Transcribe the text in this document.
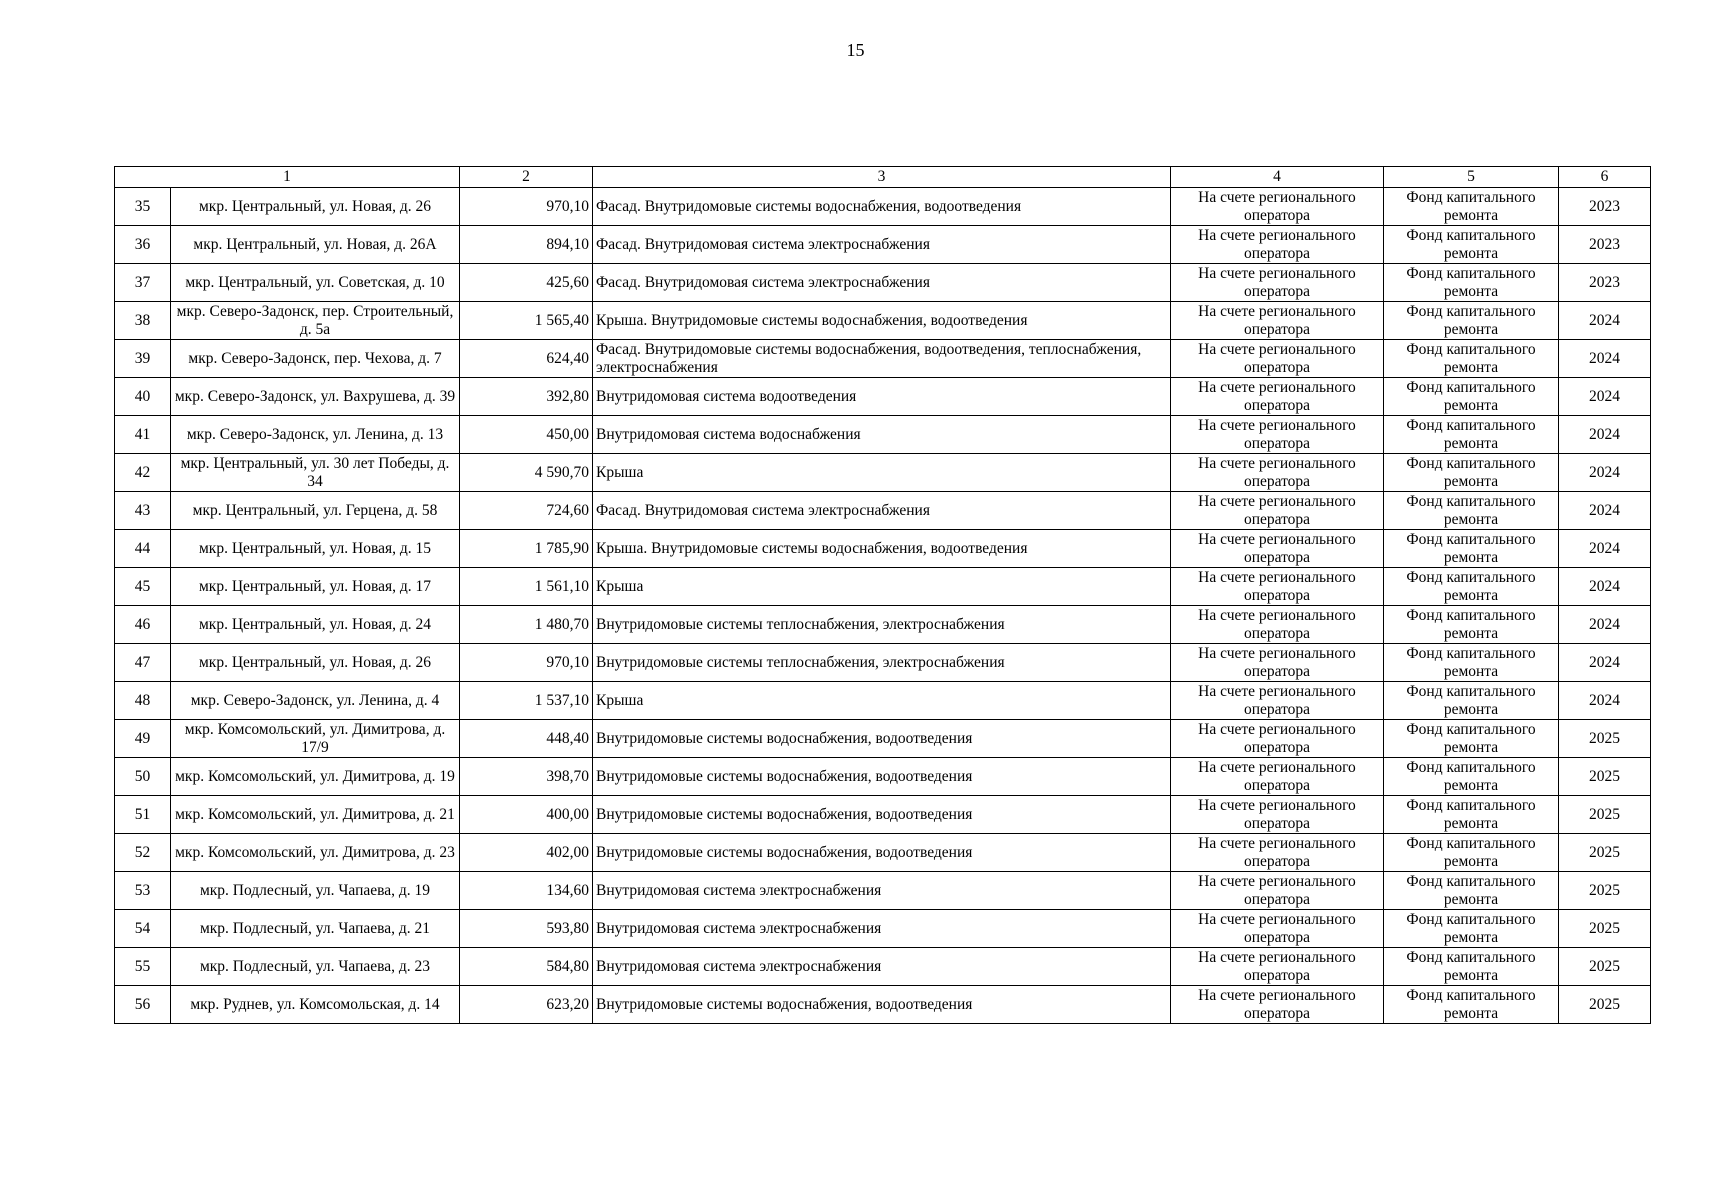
15
1		2	3	4	5	6
35	мкр. Центральный, ул. Новая, д. 26	970,10	Фасад. Внутридомовые системы водоснабжения, водоотведения	На счете регионального оператора	Фонд капитального ремонта	2023
36	мкр. Центральный, ул. Новая, д. 26А	894,10	Фасад. Внутридомовая система электроснабжения	На счете регионального оператора	Фонд капитального ремонта	2023
37	мкр. Центральный, ул. Советская, д. 10	425,60	Фасад. Внутридомовая система электроснабжения	На счете регионального оператора	Фонд капитального ремонта	2023
38	мкр. Северо-Задонск, пер. Строительный, д. 5а	1 565,40	Крыша. Внутридомовые системы водоснабжения, водоотведения	На счете регионального оператора	Фонд капитального ремонта	2024
39	мкр. Северо-Задонск, пер. Чехова, д. 7	624,40	Фасад. Внутридомовые системы водоснабжения, водоотведения, теплоснабжения, электроснабжения	На счете регионального оператора	Фонд капитального ремонта	2024
40	мкр. Северо-Задонск, ул. Вахрушева, д. 39	392,80	Внутридомовая система водоотведения	На счете регионального оператора	Фонд капитального ремонта	2024
41	мкр. Северо-Задонск, ул. Ленина, д. 13	450,00	Внутридомовая система водоснабжения	На счете регионального оператора	Фонд капитального ремонта	2024
42	мкр. Центральный, ул. 30 лет Победы, д. 34	4 590,70	Крыша	На счете регионального оператора	Фонд капитального ремонта	2024
43	мкр. Центральный, ул. Герцена, д. 58	724,60	Фасад. Внутридомовая система электроснабжения	На счете регионального оператора	Фонд капитального ремонта	2024
44	мкр. Центральный, ул. Новая, д. 15	1 785,90	Крыша. Внутридомовые системы водоснабжения, водоотведения	На счете регионального оператора	Фонд капитального ремонта	2024
45	мкр. Центральный, ул. Новая, д. 17	1 561,10	Крыша	На счете регионального оператора	Фонд капитального ремонта	2024
46	мкр. Центральный, ул. Новая, д. 24	1 480,70	Внутридомовые системы теплоснабжения, электроснабжения	На счете регионального оператора	Фонд капитального ремонта	2024
47	мкр. Центральный, ул. Новая, д. 26	970,10	Внутридомовые системы теплоснабжения, электроснабжения	На счете регионального оператора	Фонд капитального ремонта	2024
48	мкр. Северо-Задонск, ул. Ленина, д. 4	1 537,10	Крыша	На счете регионального оператора	Фонд капитального ремонта	2024
49	мкр. Комсомольский, ул. Димитрова, д. 17/9	448,40	Внутридомовые системы водоснабжения, водоотведения	На счете регионального оператора	Фонд капитального ремонта	2025
50	мкр. Комсомольский, ул. Димитрова, д. 19	398,70	Внутридомовые системы водоснабжения, водоотведения	На счете регионального оператора	Фонд капитального ремонта	2025
51	мкр. Комсомольский, ул. Димитрова, д. 21	400,00	Внутридомовые системы водоснабжения, водоотведения	На счете регионального оператора	Фонд капитального ремонта	2025
52	мкр. Комсомольский, ул. Димитрова, д. 23	402,00	Внутридомовые системы водоснабжения, водоотведения	На счете регионального оператора	Фонд капитального ремонта	2025
53	мкр. Подлесный, ул. Чапаева, д. 19	134,60	Внутридомовая система электроснабжения	На счете регионального оператора	Фонд капитального ремонта	2025
54	мкр. Подлесный, ул. Чапаева, д. 21	593,80	Внутридомовая система электроснабжения	На счете регионального оператора	Фонд капитального ремонта	2025
55	мкр. Подлесный, ул. Чапаева, д. 23	584,80	Внутридомовая система электроснабжения	На счете регионального оператора	Фонд капитального ремонта	2025
56	мкр. Руднев, ул. Комсомольская, д. 14	623,20	Внутридомовые системы водоснабжения, водоотведения	На счете регионального оператора	Фонд капитального ремонта	2025
